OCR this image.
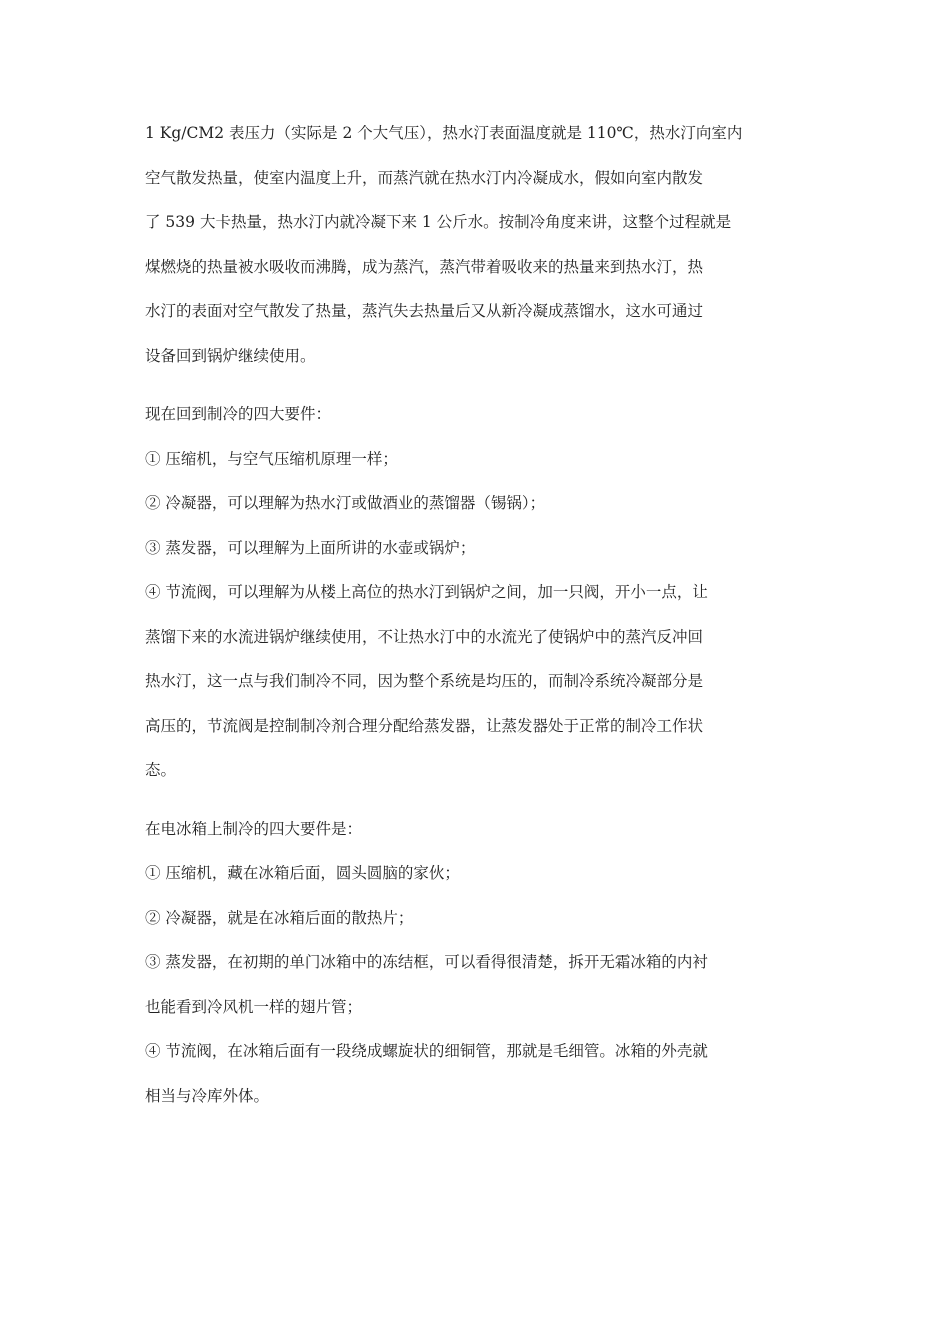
1 Kg/CM2 表压力（实际是 2 个大气压），热水汀表面温度就是 110℃，热水汀向室内
空气散发热量，使室内温度上升，而蒸汽就在热水汀内冷凝成水，假如向室内散发
了 539 大卡热量，热水汀内就冷凝下来 1 公斤水。按制冷角度来讲，这整个过程就是
煤燃烧的热量被水吸收而沸腾，成为蒸汽，蒸汽带着吸收来的热量来到热水汀，热
水汀的表面对空气散发了热量，蒸汽失去热量后又从新冷凝成蒸馏水，这水可通过
设备回到锅炉继续使用。
现在回到制冷的四大要件：
① 压缩机，与空气压缩机原理一样；
② 冷凝器，可以理解为热水汀或做酒业的蒸馏器（锡锅）；
③ 蒸发器，可以理解为上面所讲的水壶或锅炉；
④ 节流阀，可以理解为从楼上高位的热水汀到锅炉之间，加一只阀，开小一点，让
蒸馏下来的水流进锅炉继续使用，不让热水汀中的水流光了使锅炉中的蒸汽反冲回
热水汀，这一点与我们制冷不同，因为整个系统是均压的，而制冷系统冷凝部分是
高压的，节流阀是控制制冷剂合理分配给蒸发器，让蒸发器处于正常的制冷工作状
态。
在电冰箱上制冷的四大要件是：
① 压缩机，藏在冰箱后面，圆头圆脑的家伙；
② 冷凝器，就是在冰箱后面的散热片；
③ 蒸发器，在初期的单门冰箱中的冻结框，可以看得很清楚，拆开无霜冰箱的内衬
也能看到冷风机一样的翅片管；
④ 节流阀，在冰箱后面有一段绕成螺旋状的细铜管，那就是毛细管。冰箱的外壳就
相当与冷库外体。
